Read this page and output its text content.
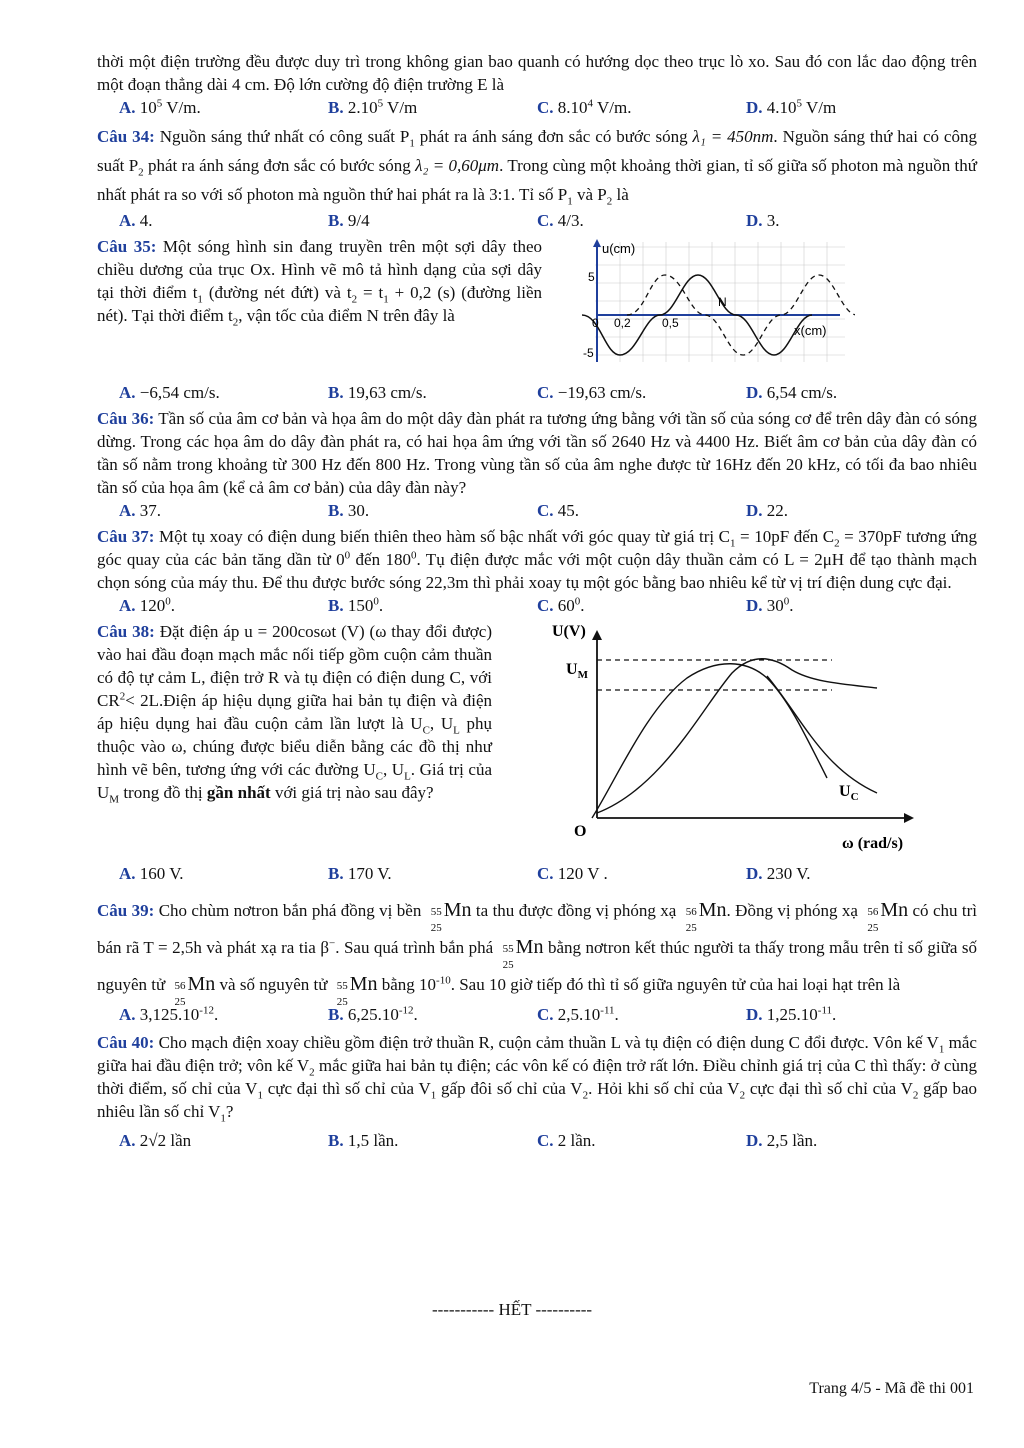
thời một điện trường đều được duy trì trong không gian bao quanh có hướng dọc theo trục lò xo. Sau đó con lắc dao động trên một đoạn thẳng dài 4 cm. Độ lớn cường độ điện trường E là

A. $10^5$ V/m.	B. 2.10$^5$ V/m	C. 8.10$^4$ V/m.	D. 4.10$^5$ V/m

Câu 34: Nguồn sáng thứ nhất có công suất $P_1$ phát ra ánh sáng đơn sắc có bước sóng λ₁ = 450nm. Nguồn sáng thứ hai có công suất $P_2$ phát ra ánh sáng đơn sắc có bước sóng λ₂ = 0,60μm. Trong cùng một khoảng thời gian, tỉ số giữa số photon mà nguồn thứ nhất phát ra so với số photon mà nguồn thứ hai phát ra là 3:1. Tỉ số $P_1$ và $P_2$ là

A. 4.	B. 9/4	C. 4/3.	D. 3.

Câu 35: Một sóng hình sin đang truyền trên một sợi dây theo chiều dương của trục Ox. Hình vẽ mô tả hình dạng của sợi dây tại thời điểm $t_1$ (đường nét đứt) và $t_2 = t_1 + 0,2$ (s) (đường liền nét). Tại thời điểm $t_2$, vận tốc của điểm N trên đây là

u(cm)
x(cm)
5
-5
0 0,2	0,5
N
A. −6,54 cm/s.	B. 19,63 cm/s.	C. −19,63 cm/s.	D. 6,54 cm/s.

Câu 36: Tần số của âm cơ bản và họa âm do một dây đàn phát ra tương ứng bằng với tần số của sóng cơ để trên dây đàn có sóng dừng. Trong các họa âm do dây đàn phát ra, có hai họa âm ứng với tần số 2640 Hz và 4400 Hz. Biết âm cơ bản của dây đàn có tần số nằm trong khoảng từ 300 Hz đến 800 Hz. Trong vùng tần số của âm nghe được từ 16Hz đến 20 kHz, có tối đa bao nhiêu tần số của họa âm (kể cả âm cơ bản) của dây đàn này?

A. 37.	B. 30.	C. 45.	D. 22.

Câu 37: Một tụ xoay có điện dung biến thiên theo hàm số bậc nhất với góc quay từ giá trị $C_1 = 10pF$ đến $C_2 = 370pF$ tương ứng góc quay của các bản tăng dần từ $0^0$ đến $180^0$. Tụ điện được mắc với một cuộn dây thuần cảm có L = 2μH để tạo thành mạch chọn sóng của máy thu. Để thu được bước sóng 22,3m thì phải xoay tụ một góc bằng bao nhiêu kể từ vị trí điện dung cực đại.

A. $120^0$.	B. $150^0$.	C. $60^0$.	D. $30^0$.

Câu 38: Đặt điện áp u = 200cosωt (V) (ω thay đổi được) vào hai đầu đoạn mạch mắc nối tiếp gồm cuộn cảm thuần có độ tự cảm L, điện trở R và tụ điện có điện dung C, với $CR^2<$ 2L.Điện áp hiệu dụng giữa hai bản tụ điện và điện áp hiệu dụng hai đầu cuộn cảm lần lượt là $U_C$, $U_L$ phụ thuộc vào ω, chúng được biểu diễn bằng các đồ thị như hình vẽ bên, tương ứng với các đường $U_C$, $U_L$. Giá trị của $U_M$ trong đồ thị gần nhất với giá trị nào sau đây?

U(V)
$U_M$
$U_C$
O
ω (rad/s)
A. 160 V.	B. 170 V.	C. 120 V .	D. 230 V.

Câu 39: Cho chùm nơtron bắn phá đồng vị bền 55
25
Mn ta thu được đồng vị phóng xạ 56
25
Mn. Đồng vị phóng xạ 56
25
Mn có chu trì bán rã T = 2,5h và phát xạ ra tia β−. Sau quá trình bắn phá 55
25
Mn bằng nơtron kết thúc người ta thấy trong mẫu trên tỉ số giữa số nguyên tử 56
25
Mn và số nguyên tử 55
25
Mn bằng $10^{-10}$. Sau 10 giờ tiếp đó thì tỉ số giữa nguyên tử của hai loại hạt trên là

A. $3,125.10^{-12}$.	B. $6,25.10^{-12}$.	C. $2,5.10^{-11}$.	D. $1,25.10^{-11}$.

Câu 40: Cho mạch điện xoay chiều gồm điện trở thuần R, cuộn cảm thuần L và tụ điện có điện dung C đổi được. Vôn kế $V_1$ mắc giữa hai đầu điện trở; vôn kế $V_2$ mắc giữa hai bản tụ điện; các vôn kế có điện trở rất lớn. Điều chỉnh giá trị của C thì thấy: ở cùng thời điểm, số chỉ của $V_1$ cực đại thì số chỉ của $V_1$ gấp đôi số chỉ của $V_2$. Hỏi khi số chỉ của $V_2$ cực đại thì số chỉ của $V_2$ gấp bao nhiêu lần số chỉ $V_1$?

A. 2√2 lần	B. 1,5 lần.	C. 2 lần.	D. 2,5 lần.
----------- HẾT ----------
Trang 4/5 - Mã đề thi 001
